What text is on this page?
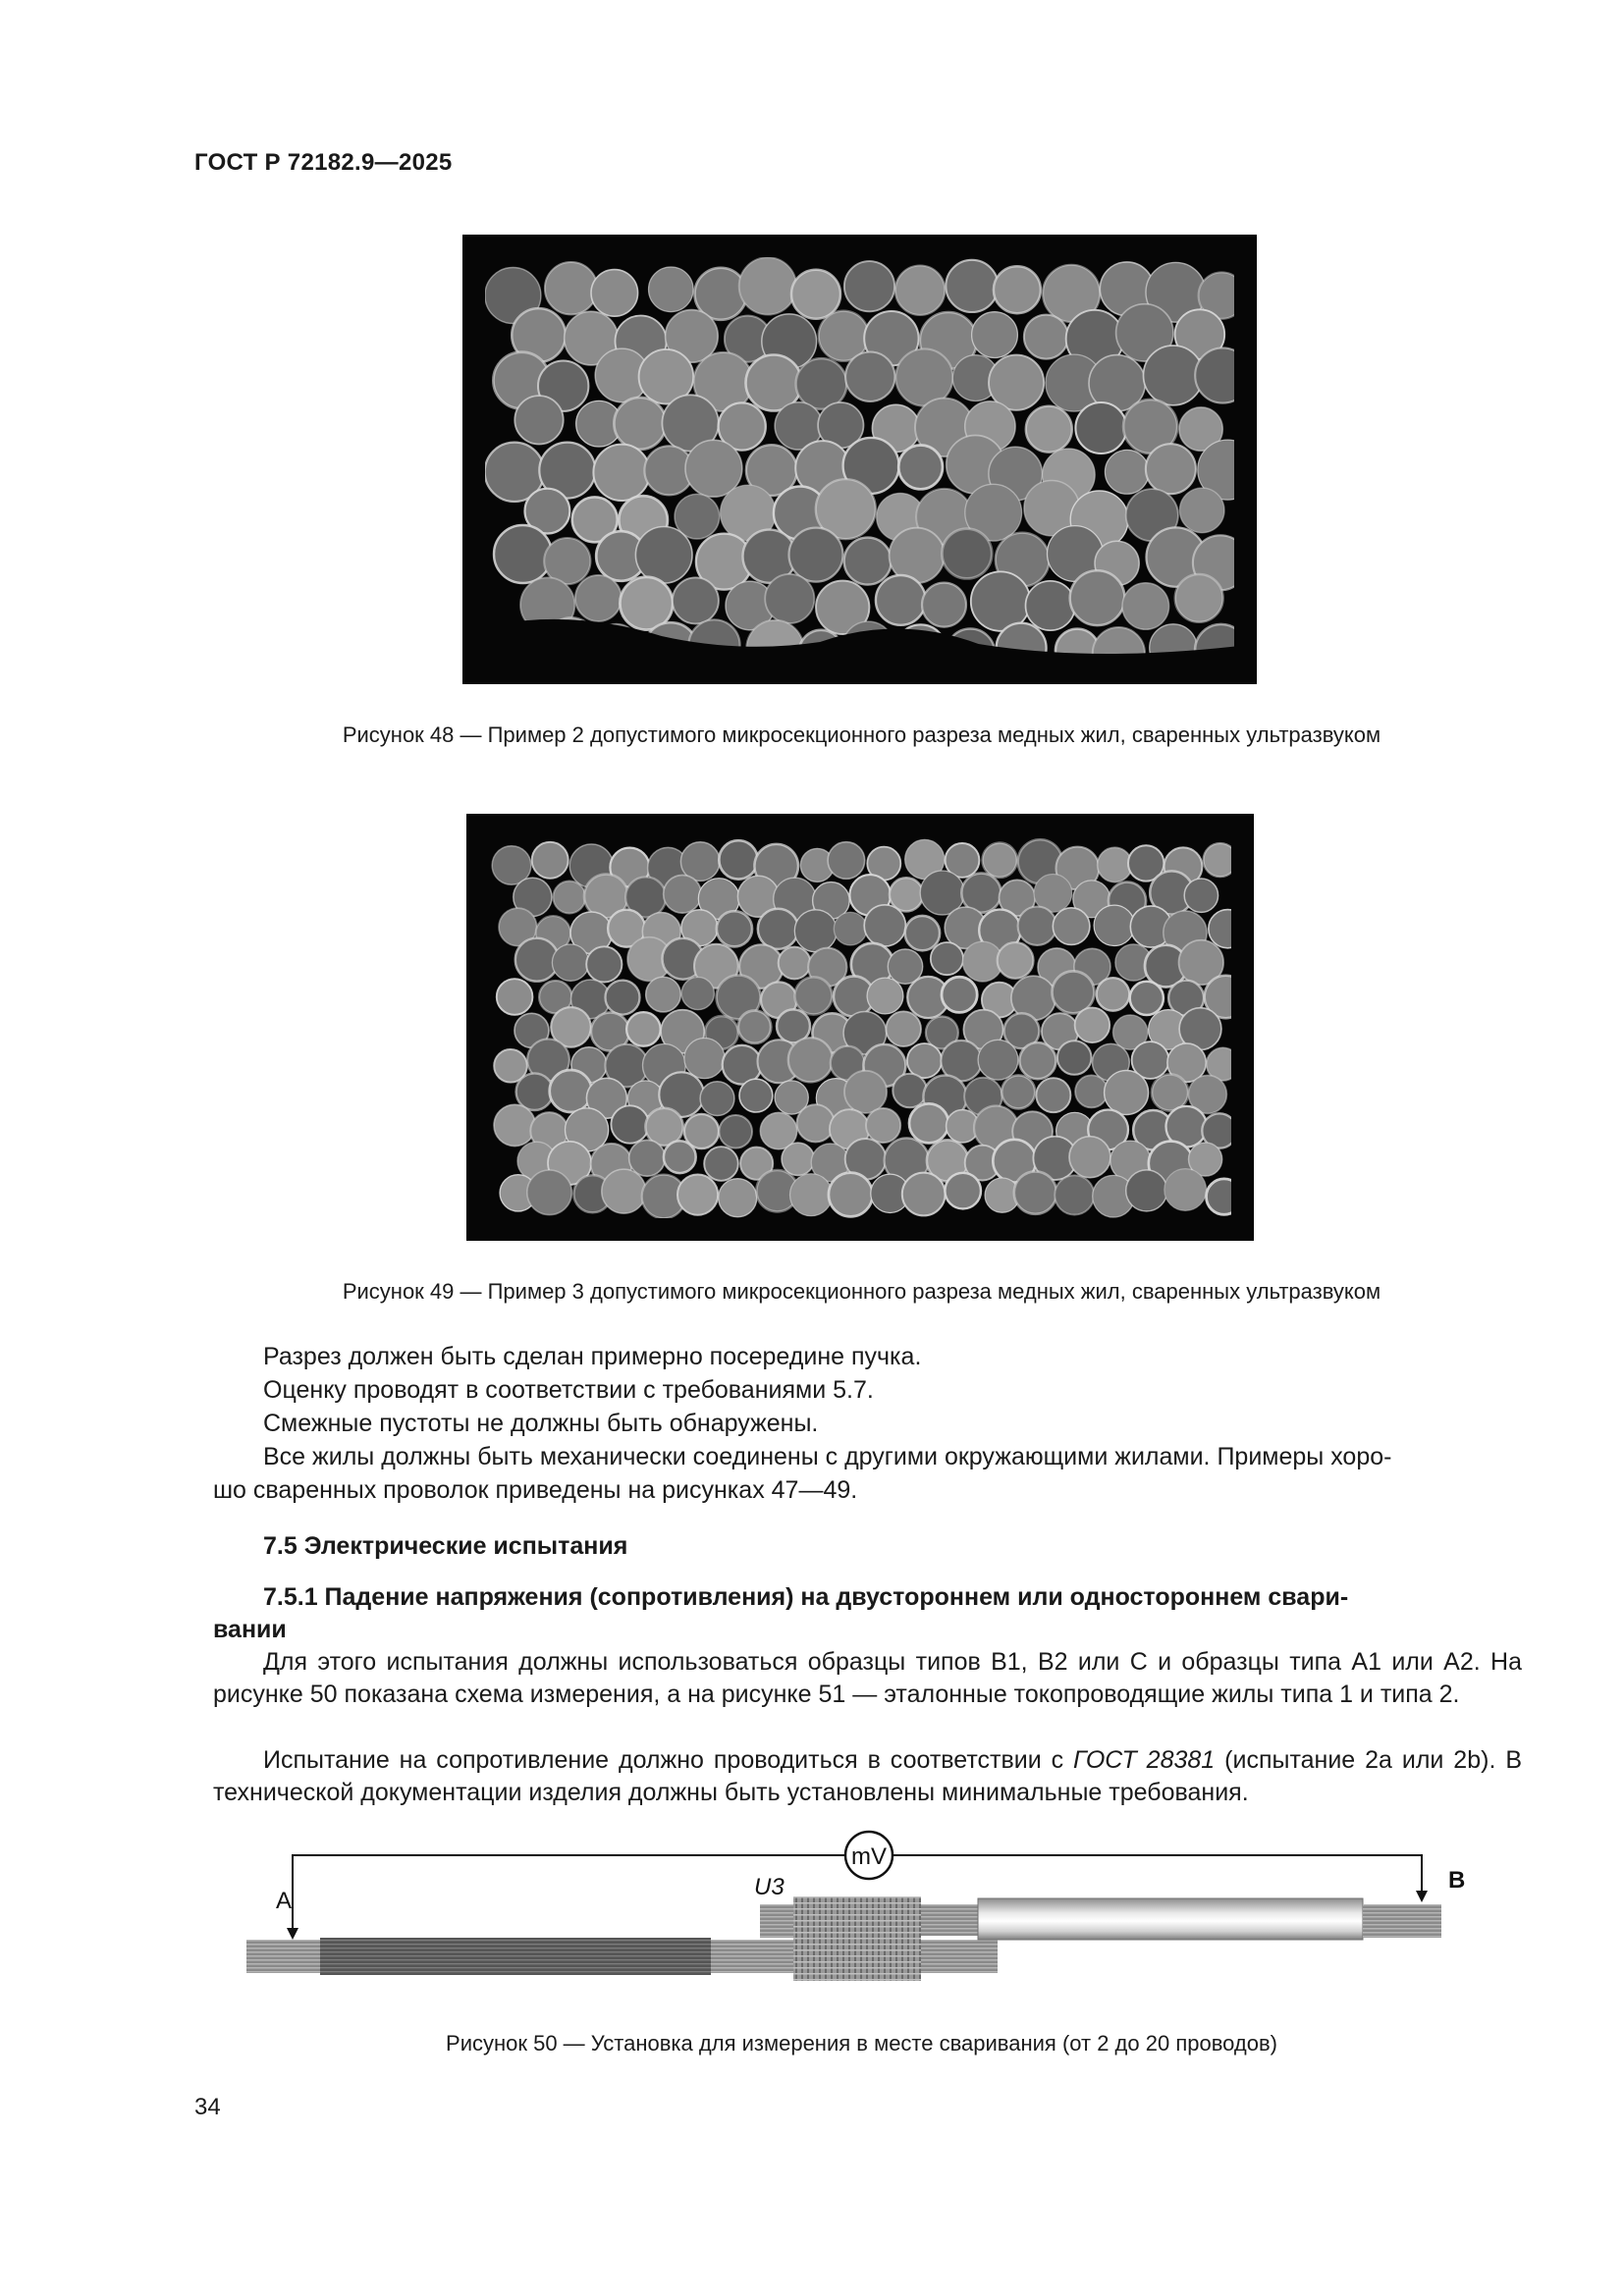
ГОСТ Р 72182.9—2025
Рисунок 48 — Пример 2 допустимого микросекционного разреза медных жил, сваренных ультразвуком
Рисунок 49 — Пример 3 допустимого микросекционного разреза медных жил, сваренных ультразвуком
Разрез должен быть сделан примерно посередине пучка.
Оценку проводят в соответствии с требованиями 5.7.
Смежные пустоты не должны быть обнаружены.
Все жилы должны быть механически соединены с другими окружающими жилами. Примеры хоро-
шо сваренных проволок приведены на рисунках 47—49.
7.5 Электрические испытания
7.5.1 Падение напряжения (сопротивления) на двустороннем или одностороннем свари-
вании
Для этого испытания должны использоваться образцы типов В1, В2 или С и образцы типа А1 или А2. На рисунке 50 показана схема измерения, а на рисунке 51 — эталонные токопроводящие жилы типа 1 и типа 2.
Испытание на сопротивление должно проводиться в соответствии с ГОСТ 28381 (испытание 2а или 2b). В технической документации изделия должны быть установлены минимальные требования.
mV
A
B
U3
Рисунок 50 — Установка для измерения в месте сваривания (от 2 до 20 проводов)
34
